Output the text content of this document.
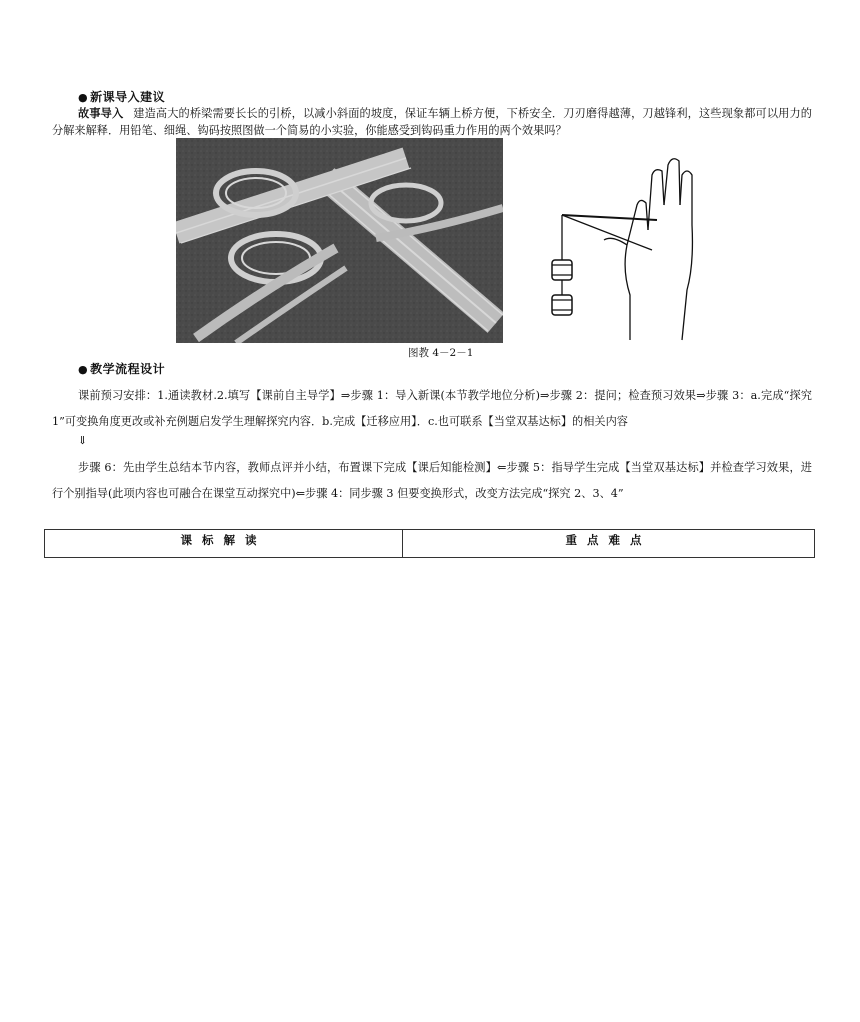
● 新课导入建议
故事导入 建造高大的桥梁需要长长的引桥，以减小斜面的坡度，保证车辆上桥方便，下桥安全．刀刃磨得越薄，刀越锋利，这些现象都可以用力的分解来解释．用铅笔、细绳、钩码按照图做一个简易的小实验，你能感受到钩码重力作用的两个效果吗？
图教 4－2－1
● 教学流程设计
课前预习安排：1.通读教材.2.填写【课前自主导学】⇒步骤 1：导入新课(本节教学地位分析)⇒步骤 2：提问；检查预习效果⇒步骤 3：a.完成“探究 1”可变换角度更改或补充例题启发学生理解探究内容．b.完成【迁移应用】．c.也可联系【当堂双基达标】的相关内容
⇓
步骤 6：先由学生总结本节内容，教师点评并小结，布置课下完成【课后知能检测】⇐步骤 5：指导学生完成【当堂双基达标】并检查学习效果，进行个别指导(此项内容也可融合在课堂互动探究中)⇐步骤 4：同步骤 3 但要变换形式，改变方法完成“探究 2、3、4”
课标解读	重点难点
